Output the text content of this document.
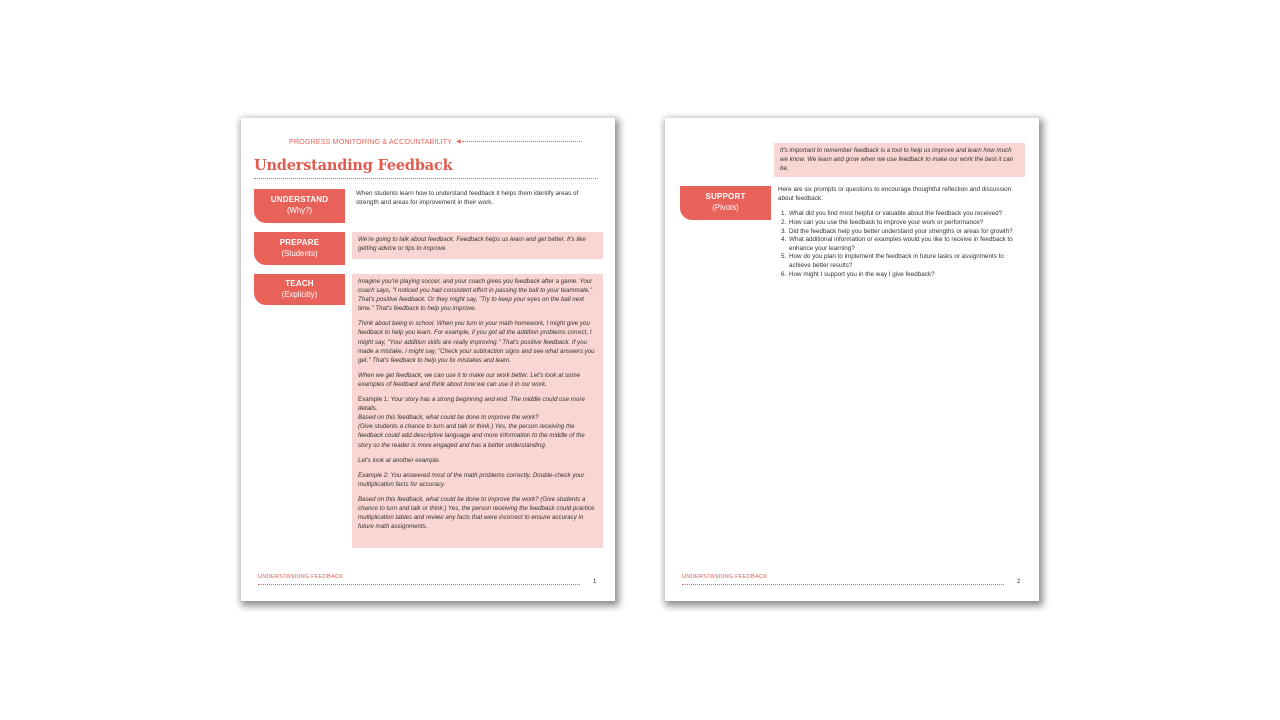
PROGRESS MONITORING & ACCOUNTABILITY ◀
Understanding Feedback
UNDERSTAND
(Why?)
When students learn how to understand feedback it helps them identify areas of strength and areas for improvement in their work.
PREPARE
(Students)

We're going to talk about feedback. Feedback helps us learn and get better. It's like getting advice or tips to improve.

TEACH
(Explicitly)

Imagine you're playing soccer, and your coach gives you feedback after a game. Your coach says, "I noticed you had consistent effort in passing the ball to your teammate." That's positive feedback. Or they might say, "Try to keep your eyes on the ball next time." That's feedback to help you improve.

Think about being in school. When you turn in your math homework, I might give you feedback to help you learn. For example, if you got all the addition problems correct, I might say, "Your addition skills are really improving." That's positive feedback. If you made a mistake, I might say, "Check your subtraction signs and see what answers you get." That's feedback to help you fix mistakes and learn.

When we get feedback, we can use it to make our work better. Let's look at some examples of feedback and think about how we can use it in our work.

Example 1: Your story has a strong beginning and end. The middle could use more details.
Based on this feedback, what could be done to improve the work?
(Give students a chance to turn and talk or think.) Yes, the person receiving the feedback could add descriptive language and more information to the middle of the story so the reader is more engaged and has a better understanding.

Let's look at another example.

Example 2: You answered most of the math problems correctly. Double-check your multiplication facts for accuracy.

Based on this feedback, what could be done to improve the work? (Give students a chance to turn and talk or think.) Yes, the person receiving the feedback could practice multiplication tables and review any facts that were incorrect to ensure accuracy in future math assignments.

UNDERSTANDING FEEDBACK
1

It's important to remember feedback is a tool to help us improve and learn how much we know. We learn and grow when we use feedback to make our work the best it can be,

SUPPORT
(Pivots)
Here are six prompts or questions to encourage thoughtful reflection and discussion about feedback:
1. What did you find most helpful or valuable about the feedback you received?
2. How can you use the feedback to improve your work or performance?
3. Did the feedback help you better understand your strengths or areas for growth?
4. What additional information or examples would you like to receive in feedback to enhance your learning?
5. How do you plan to implement the feedback in future tasks or assignments to achieve better results?
6. How might I support you in the way I give feedback?
UNDERSTANDING FEEDBACK
2
